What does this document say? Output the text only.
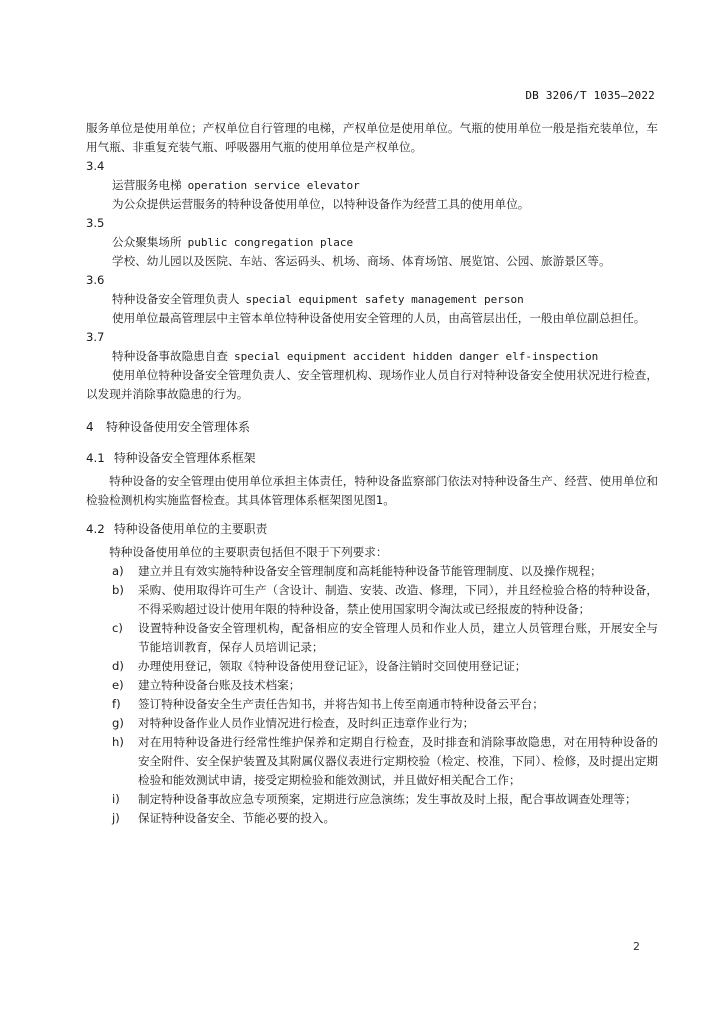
DB 3206/T 1035—2022

服务单位是使用单位；产权单位自行管理的电梯，产权单位是使用单位。气瓶的使用单位一般是指充装单位，车用气瓶、非重复充装气瓶、呼吸器用气瓶的使用单位是产权单位。

3.4

运营服务电梯 operation service elevator

为公众提供运营服务的特种设备使用单位，以特种设备作为经营工具的使用单位。

3.5

公众聚集场所 public congregation place

学校、幼儿园以及医院、车站、客运码头、机场、商场、体育场馆、展览馆、公园、旅游景区等。

3.6

特种设备安全管理负责人 special equipment safety management person

使用单位最高管理层中主管本单位特种设备使用安全管理的人员，由高管层出任，一般由单位副总担任。

3.7

特种设备事故隐患自查 special equipment accident hidden danger elf-inspection

使用单位特种设备安全管理负责人、安全管理机构、现场作业人员自行对特种设备安全使用状况进行检查，以发现并消除事故隐患的行为。

4 特种设备使用安全管理体系

4.1 特种设备安全管理体系框架

特种设备的安全管理由使用单位承担主体责任，特种设备监察部门依法对特种设备生产、经营、使用单位和检验检测机构实施监督检查。其具体管理体系框架图见图1。

4.2 特种设备使用单位的主要职责

特种设备使用单位的主要职责包括但不限于下列要求：

a) 建立并且有效实施特种设备安全管理制度和高耗能特种设备节能管理制度、以及操作规程；
b) 采购、使用取得许可生产（含设计、制造、安装、改造、修理，下同），并且经检验合格的特种设备，不得采购超过设计使用年限的特种设备，禁止使用国家明令淘汰或已经报废的特种设备；
c) 设置特种设备安全管理机构，配备相应的安全管理人员和作业人员，建立人员管理台账，开展安全与节能培训教育，保存人员培训记录；
d) 办理使用登记，领取《特种设备使用登记证》，设备注销时交回使用登记证；
e) 建立特种设备台账及技术档案；
f) 签订特种设备安全生产责任告知书，并将告知书上传至南通市特种设备云平台；
g) 对特种设备作业人员作业情况进行检查，及时纠正违章作业行为；
h) 对在用特种设备进行经常性维护保养和定期自行检查，及时排查和消除事故隐患，对在用特种设备的安全附件、安全保护装置及其附属仪器仪表进行定期校验（检定、校准，下同）、检修，及时提出定期检验和能效测试申请，接受定期检验和能效测试，并且做好相关配合工作；
i) 制定特种设备事故应急专项预案，定期进行应急演练；发生事故及时上报，配合事故调查处理等；
j) 保证特种设备安全、节能必要的投入。
2
